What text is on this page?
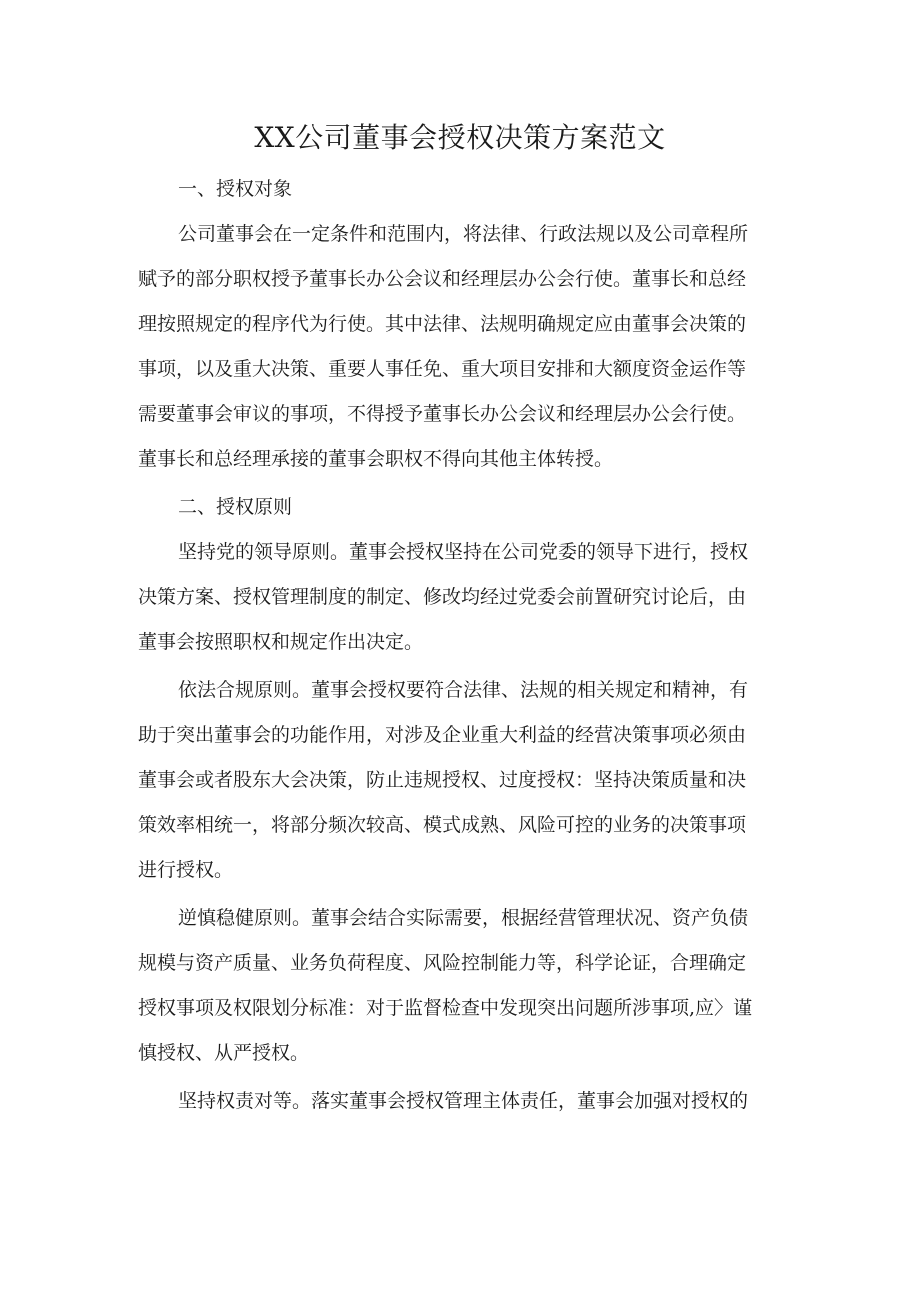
XX公司董事会授权决策方案范文
一、授权对象
公司董事会在一定条件和范围内，将法律、行政法规以及公司章程所
赋予的部分职权授予董事长办公会议和经理层办公会行使。董事长和总经
理按照规定的程序代为行使。其中法律、法规明确规定应由董事会决策的
事项，以及重大决策、重要人事任免、重大项目安排和大额度资金运作等
需要董事会审议的事项，不得授予董事长办公会议和经理层办公会行使。
董事长和总经理承接的董事会职权不得向其他主体转授。
二、授权原则
坚持党的领导原则。董事会授权坚持在公司党委的领导下进行，授权
决策方案、授权管理制度的制定、修改均经过党委会前置研究讨论后，由
董事会按照职权和规定作出决定。
依法合规原则。董事会授权要符合法律、法规的相关规定和精神，有
助于突出董事会的功能作用，对涉及企业重大利益的经营决策事项必须由
董事会或者股东大会决策，防止违规授权、过度授权：坚持决策质量和决
策效率相统一，将部分频次较高、模式成熟、风险可控的业务的决策事项
进行授权。
逆慎稳健原则。董事会结合实际需要，根据经营管理状况、资产负债
规模与资产质量、业务负荷程度、风险控制能力等，科学论证，合理确定
授权事项及权限划分标准：对于监督检查中发现突出问题所涉事项,应〉谨
慎授权、从严授权。
坚持权责对等。落实董事会授权管理主体责任，董事会加强对授权的
